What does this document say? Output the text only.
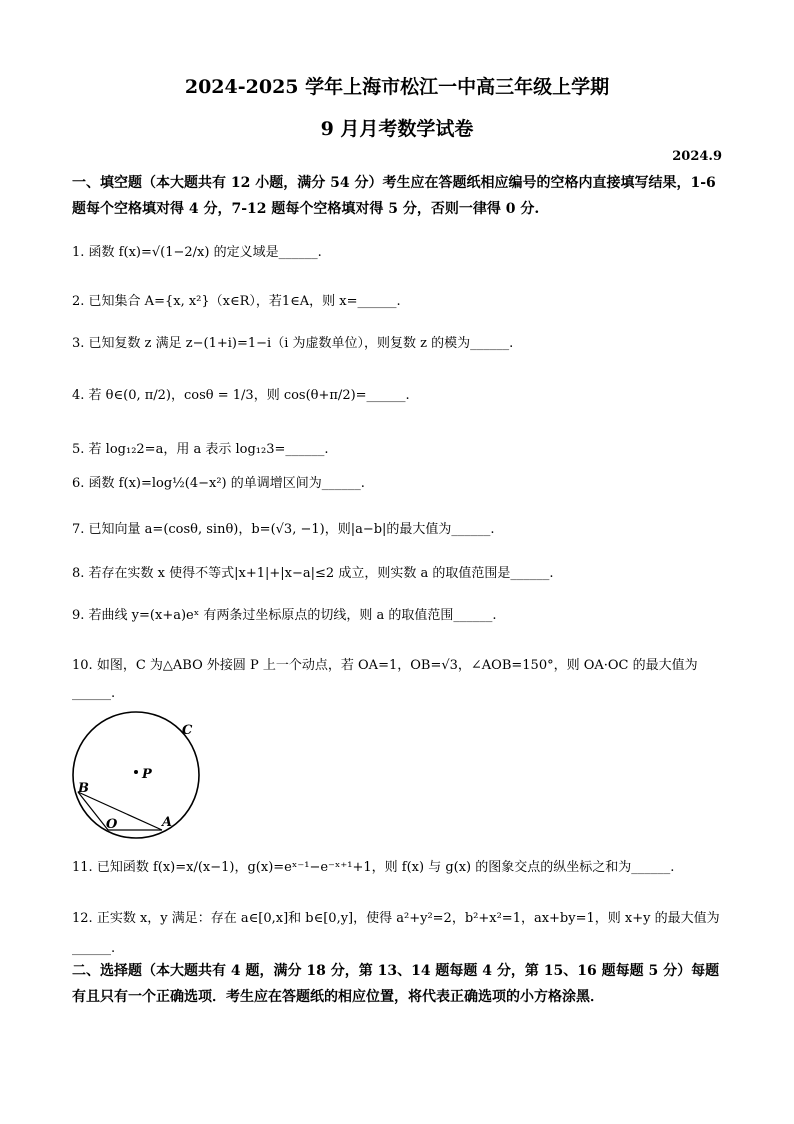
2024-2025 学年上海市松江一中高三年级上学期
9 月月考数学试卷
2024.9
一、填空题（本大题共有 12 小题，满分 54 分）考生应在答题纸相应编号的空格内直接填写结果，1-6 题每个空格填对得 4 分，7-12 题每个空格填对得 5 分，否则一律得 0 分.
1. 函数 f(x)=√(1−2/x) 的定义域是______.
2. 已知集合 A={x, x²}（x∈R），若1∈A，则 x=______.
3. 已知复数 z 满足 z−(1+i)=1−i（i 为虚数单位），则复数 z 的模为______.
4. 若 θ∈(0, π/2)，cosθ = 1/3，则 cos(θ+π/2)=______.
5. 若 log₁₂2=a，用 a 表示 log₁₂3=______.
6. 函数 f(x)=log½(4−x²) 的单调增区间为______.
7. 已知向量 a=(cosθ, sinθ)，b=(√3, −1)，则|a−b|的最大值为______.
8. 若存在实数 x 使得不等式|x+1|+|x−a|≤2 成立，则实数 a 的取值范围是______.
9. 若曲线 y=(x+a)eˣ 有两条过坐标原点的切线，则 a 的取值范围______.
10. 如图，C 为△ABO 外接圆 P 上一个动点，若 OA=1，OB=√3，∠AOB=150°，则 OA·OC 的最大值为______.
P
C
B
O	A
11. 已知函数 f(x)=x/(x−1)，g(x)=eˣ⁻¹−e⁻ˣ⁺¹+1，则 f(x) 与 g(x) 的图象交点的纵坐标之和为______.
12. 正实数 x，y 满足：存在 a∈[0,x]和 b∈[0,y]，使得 a²+y²=2，b²+x²=1，ax+by=1，则 x+y 的最大值为______.
二、选择题（本大题共有 4 题，满分 18 分，第 13、14 题每题 4 分，第 15、16 题每题 5 分）每题有且只有一个正确选项．考生应在答题纸的相应位置，将代表正确选项的小方格涂黑．
